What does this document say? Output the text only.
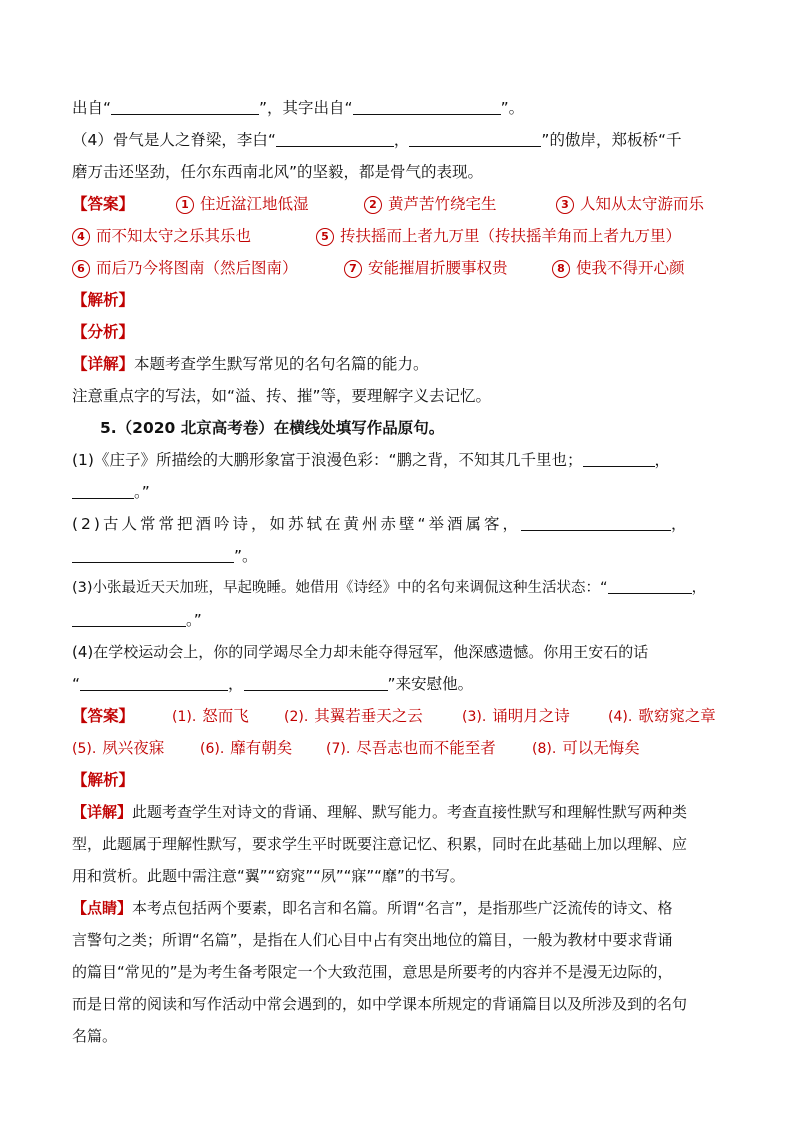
出自“	”，其字出自“	”。
（4）骨气是人之脊梁，李白“	，	”的傲岸，郑板桥“千
磨万击还坚劲，任尔东西南北风”的坚毅，都是骨气的表现。
【答案】	1 住近湓江地低湿	2 黄芦苦竹绕宅生	3 人知从太守游而乐
4 而不知太守之乐其乐也	5 抟扶摇而上者九万里（抟扶摇羊角而上者九万里）
6 而后乃今将图南（然后图南）	7 安能摧眉折腰事权贵	8 使我不得开心颜
【解析】
【分析】
【详解】本题考查学生默写常见的名句名篇的能力。
注意重点字的写法，如“溢、抟、摧”等，要理解字义去记忆。
5.（2020 北京高考卷）在横线处填写作品原句。
(1)《庄子》所描绘的大鹏形象富于浪漫色彩：“鹏之背，不知其几千里也；	，
。”
(2)古人常常把酒吟诗，如苏轼在黄州赤壁“举酒属客，	，
”。
(3)小张最近天天加班，早起晚睡。她借用《诗经》中的名句来调侃这种生活状态：“	，
。”
(4)在学校运动会上，你的同学竭尽全力却未能夺得冠军，他深感遗憾。你用王安石的话
“	，	”来安慰他。
【答案】	(1). 怒而飞	(2). 其翼若垂天之云	(3). 诵明月之诗	(4). 歌窈窕之章
(5). 夙兴夜寐	(6). 靡有朝矣 (7). 尽吾志也而不能至者	(8). 可以无悔矣
【解析】
【详解】此题考查学生对诗文的背诵、理解、默写能力。考查直接性默写和理解性默写两种类
型，此题属于理解性默写，要求学生平时既要注意记忆、积累，同时在此基础上加以理解、应
用和赏析。此题中需注意“翼”“窈窕”“夙”“寐”“靡”的书写。
【点睛】本考点包括两个要素，即名言和名篇。所谓“名言”，是指那些广泛流传的诗文、格
言警句之类；所谓“名篇”，是指在人们心目中占有突出地位的篇目，一般为教材中要求背诵
的篇目“常见的”是为考生备考限定一个大致范围，意思是所要考的内容并不是漫无边际的，
而是日常的阅读和写作活动中常会遇到的，如中学课本所规定的背诵篇目以及所涉及到的名句
名篇。
